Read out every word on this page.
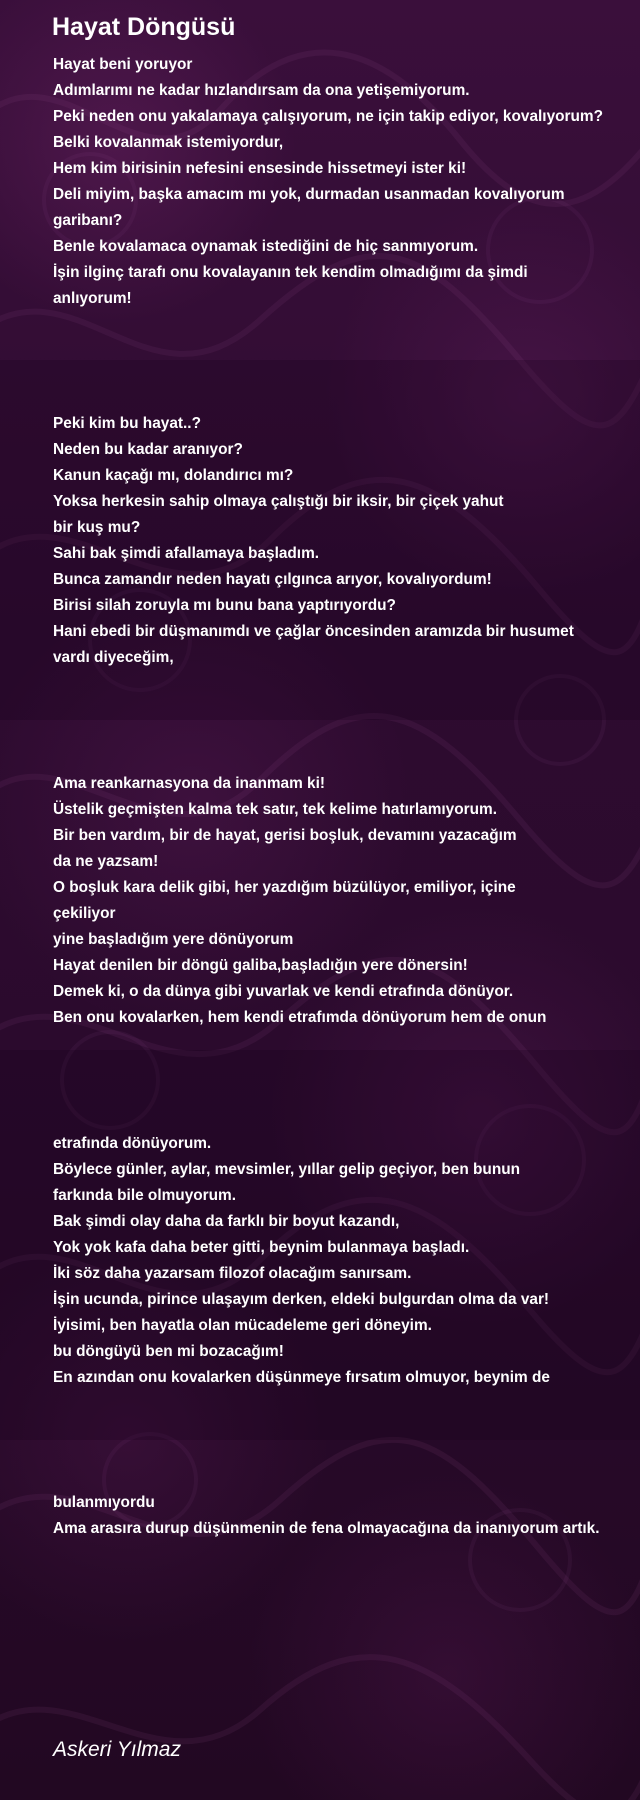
Hayat Döngüsü
Hayat beni yoruyor
Adımlarımı ne kadar hızlandırsam da ona yetişemiyorum.
Peki neden onu yakalamaya çalışıyorum, ne için takip ediyor, kovalıyorum?
Belki kovalanmak istemiyordur,
Hem kim birisinin nefesini ensesinde hissetmeyi ister ki!
Deli miyim, başka amacım mı yok, durmadan usanmadan kovalıyorum
garibanı?
Benle kovalamaca oynamak istediğini de hiç sanmıyorum.
İşin ilginç tarafı onu kovalayanın tek kendim olmadığımı da şimdi
anlıyorum!
Peki kim bu hayat..?
Neden bu kadar aranıyor?
Kanun kaçağı mı, dolandırıcı mı?
Yoksa herkesin sahip olmaya çalıştığı bir iksir, bir çiçek yahut
bir kuş mu?
Sahi bak şimdi afallamaya başladım.
Bunca zamandır neden hayatı çılgınca arıyor, kovalıyordum!
Birisi silah zoruyla mı bunu bana yaptırıyordu?
Hani ebedi bir düşmanımdı ve çağlar öncesinden aramızda bir husumet
vardı diyeceğim,
Ama reankarnasyona da inanmam ki!
Üstelik geçmişten kalma tek satır, tek kelime hatırlamıyorum.
Bir ben vardım, bir de hayat, gerisi boşluk, devamını yazacağım
da ne yazsam!
O boşluk kara delik gibi, her yazdığım büzülüyor, emiliyor, içine
çekiliyor
yine başladığım yere dönüyorum
Hayat denilen bir döngü galiba,başladığın yere dönersin!
Demek ki, o da dünya gibi yuvarlak ve kendi etrafında dönüyor.
Ben onu kovalarken, hem kendi etrafımda dönüyorum hem de onun
etrafında dönüyorum.
Böylece günler, aylar, mevsimler, yıllar gelip geçiyor, ben bunun
farkında bile olmuyorum.
Bak şimdi olay daha da farklı bir boyut kazandı,
Yok yok kafa daha beter gitti, beynim bulanmaya başladı.
İki söz daha yazarsam filozof olacağım sanırsam.
İşin ucunda, pirince ulaşayım derken, eldeki bulgurdan olma da var!
İyisimi, ben hayatla olan mücadeleme geri döneyim.
bu döngüyü ben mi bozacağım!
En azından onu kovalarken düşünmeye fırsatım olmuyor, beynim de
bulanmıyordu
Ama arasıra durup düşünmenin de fena olmayacağına da inanıyorum artık.

Askeri Yılmaz
